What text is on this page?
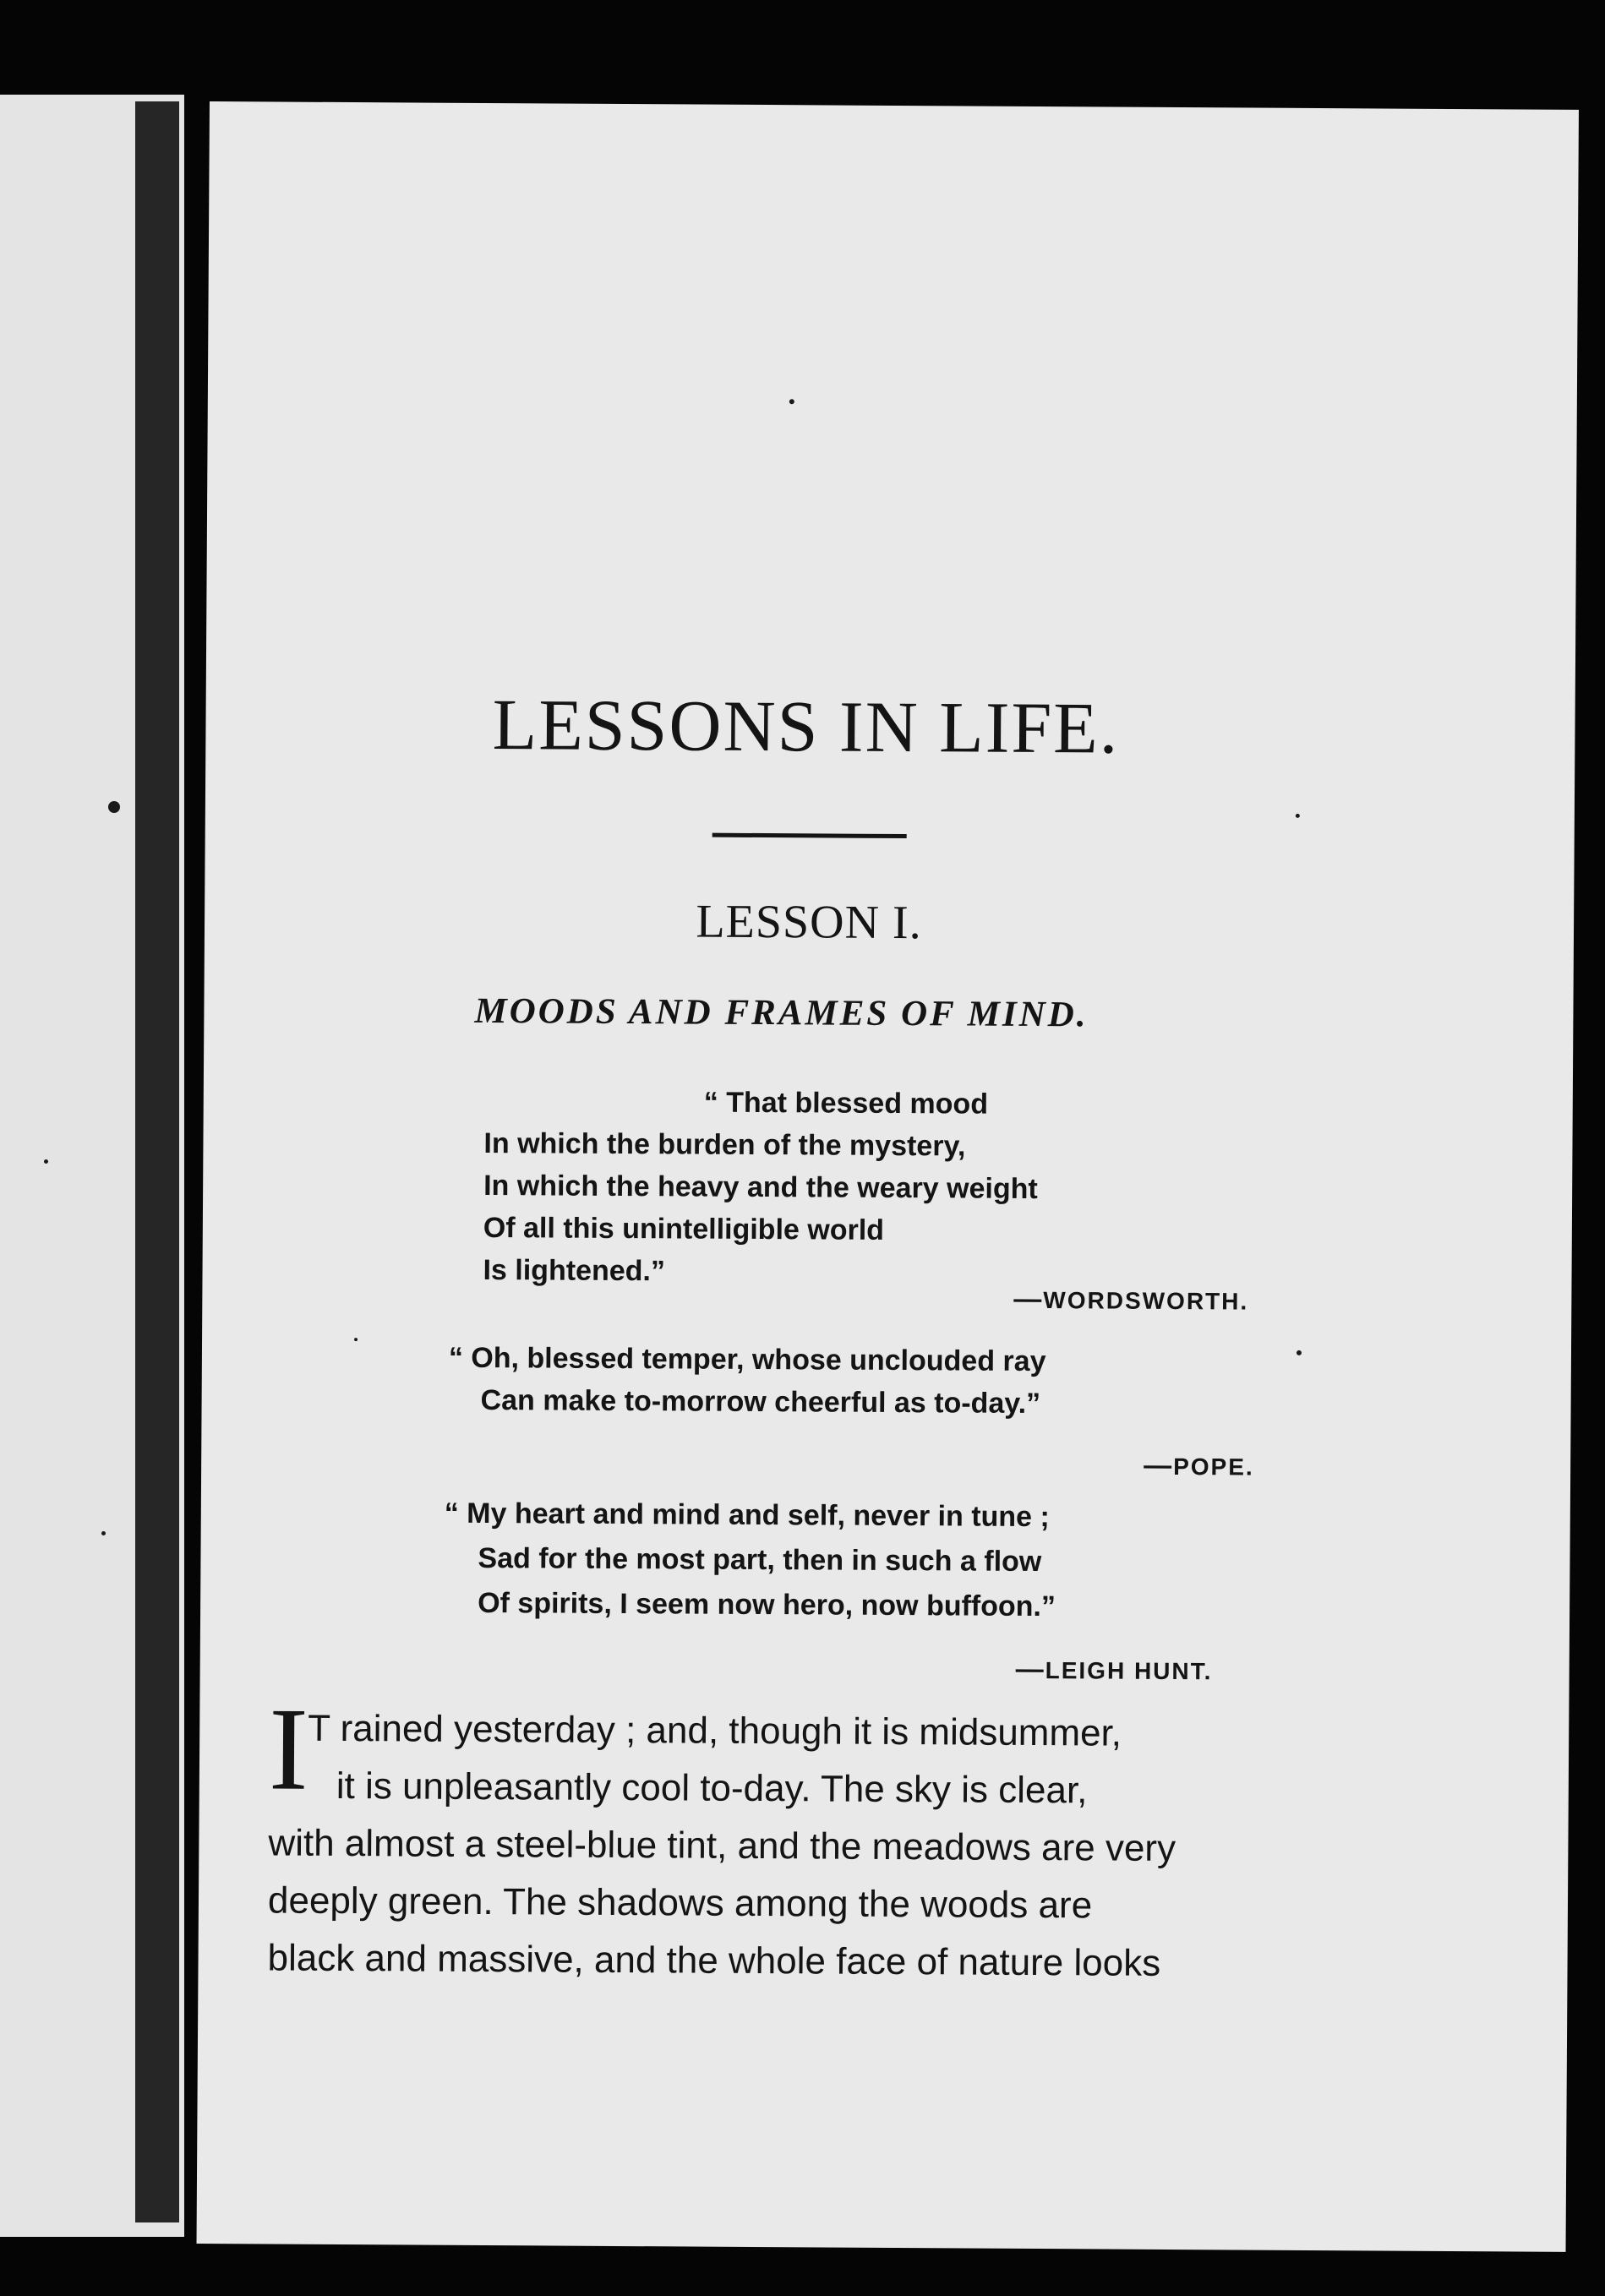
LESSONS IN LIFE.
LESSON I.

MOODS AND FRAMES OF MIND.

“ That blessed mood

In which the burden of the mystery,

In which the heavy and the weary weight

Of all this unintelligible world

Is lightened.”

—WORDSWORTH.

“ Oh, blessed temper, whose unclouded ray

Can make to-morrow cheerful as to-day.”

—POPE.

“ My heart and mind and self, never in tune ;

Sad for the most part, then in such a flow

Of spirits, I seem now hero, now buffoon.”

—LEIGH HUNT.

I

T rained yesterday ; and, though it is midsummer,

it is unpleasantly cool to-day. The sky is clear,

with almost a steel-blue tint, and the meadows are very

deeply green. The shadows among the woods are

black and massive, and the whole face of nature looks
